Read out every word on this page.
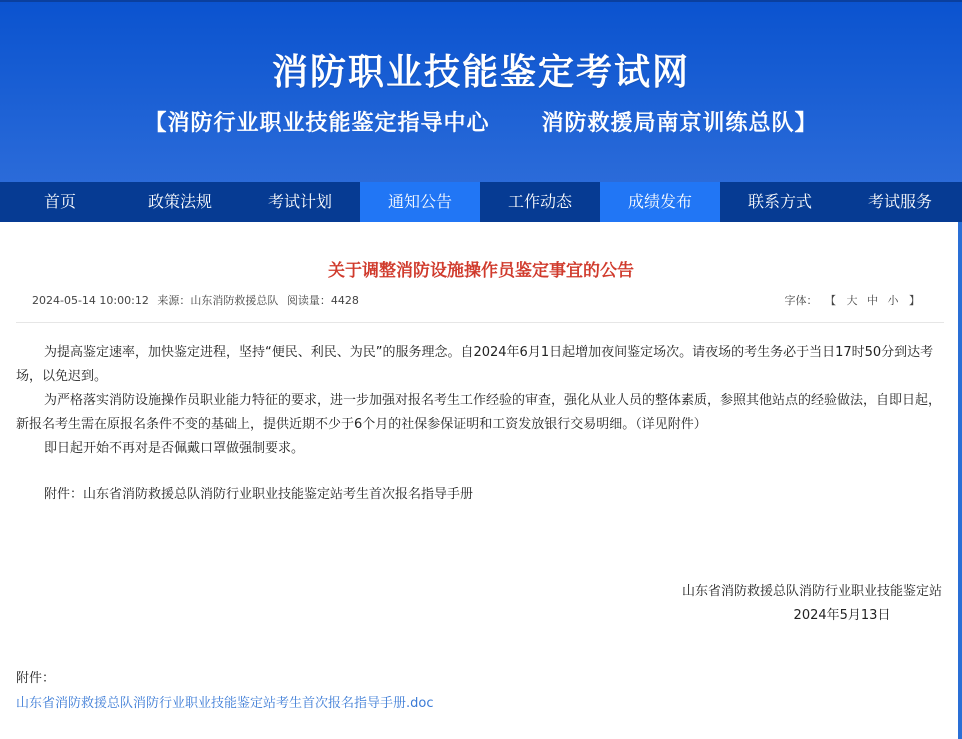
消防职业技能鉴定考试网
【消防行业职业技能鉴定指导中心      消防救援局南京训练总队】
首页	政策法规	考试计划	通知公告	工作动态	成绩发布	联系方式	考试服务
关于调整消防设施操作员鉴定事宜的公告
2024-05-14 10:00:12 来源：山东消防救援总队 阅读量：4428	字体： 【 大 中 小 】

为提高鉴定速率，加快鉴定进程，坚持“便民、利民、为民”的服务理念。自2024年6月1日起增加夜间鉴定场次。请夜场的考生务必于当日17时50分到达考场，以免迟到。

为严格落实消防设施操作员职业能力特征的要求，进一步加强对报名考生工作经验的审查，强化从业人员的整体素质，参照其他站点的经验做法，自即日起，新报名考生需在原报名条件不变的基础上，提供近期不少于6个月的社保参保证明和工资发放银行交易明细。（详见附件）

即日起开始不再对是否佩戴口罩做强制要求。

附件：山东省消防救援总队消防行业职业技能鉴定站考生首次报名指导手册

山东省消防救援总队消防行业职业技能鉴定站
2024年5月13日
附件：
山东省消防救援总队消防行业职业技能鉴定站考生首次报名指导手册.doc
